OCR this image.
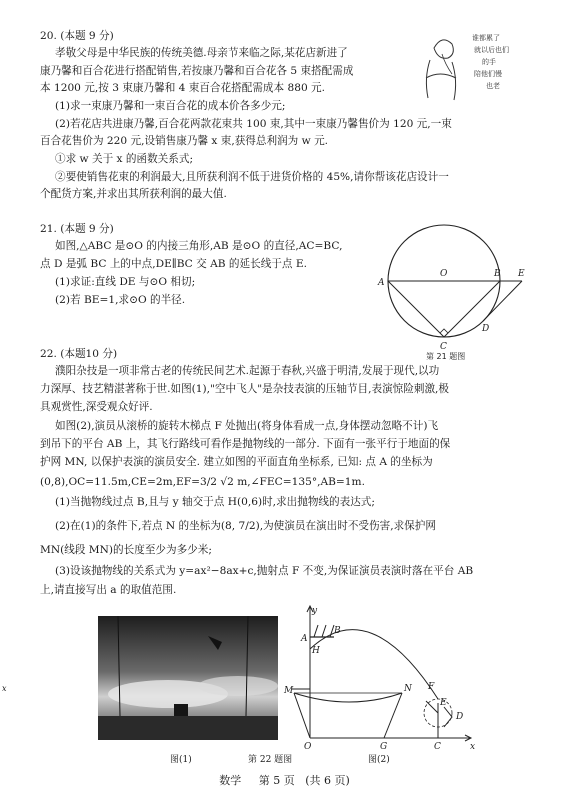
20. (本题 9 分)
孝敬父母是中华民族的传统美德.母亲节来临之际,某花店新进了
康乃馨和百合花进行搭配销售,若按康乃馨和百合花各 5 束搭配需成
本 1200 元,按 3 束康乃馨和 4 束百合花搭配需成本 880 元.
(1)求一束康乃馨和一束百合花的成本价各多少元;
(2)若花店共进康乃馨,百合花两款花束共 100 束,其中一束康乃馨售价为 120 元,一束
百合花售价为 220 元,设销售康乃馨 x 束,获得总利润为 w 元.
①求 w 关于 x 的函数关系式;
②要使销售花束的利润最大,且所获利润不低于进货价格的 45%,请你帮该花店设计一
个配货方案,并求出其所获利润的最大值.
谁都累了
就以后也们
的手
陪他们慢
也老
21. (本题 9 分)
如图,△ABC 是⊙O 的内接三角形,AB 是⊙O 的直径,AC=BC,
点 D 是弧 BC 上的中点,DE∥BC 交 AB 的延长线于点 E.
(1)求证:直线 DE 与⊙O 相切;
(2)若 BE=1,求⊙O 的半径.
A
O	B E
C
D
第 21 题图
22. (本题10 分)
濮阳杂技是一项非常古老的传统民间艺术.起源于春秋,兴盛于明清,发展于现代,以功
力深厚、技艺精湛著称于世.如图(1),"空中飞人"是杂技表演的压轴节目,表演惊险刺激,极
具观赏性,深受观众好评.
如图(2),演员从滚桥的旋转木梯点 F 处抛出(将身体看成一点,身体摆动忽略不计)飞
到吊下的平台 AB 上，其飞行路线可看作是抛物线的一部分. 下面有一张平行于地面的保
护网 MN, 以保护表演的演员安全. 建立如图的平面直角坐标系, 已知: 点 A 的坐标为
(0,8),OC=11.5m,CE=2m,EF=3/2 √2 m,∠FEC=135°,AB=1m.
(1)当抛物线过点 B,且与 y 轴交于点 H(0,6)时,求出抛物线的表达式;
(2)在(1)的条件下,若点 N 的坐标为(8, 7/2),为使演员在演出时不受伤害,求保护网
MN(线段 MN)的长度至少为多少米;
(3)设该抛物线的关系式为 y=ax²−8ax+c,抛射点 F 不变,为保证演员表演时落在平台 AB
上,请直接写出 a 的取值范围.
图(1)	第 22 题图
y
A
B
H
M	N F
E
D
O	G	C	x
图(2)
x
数学 第 5 页 (共 6 页)
